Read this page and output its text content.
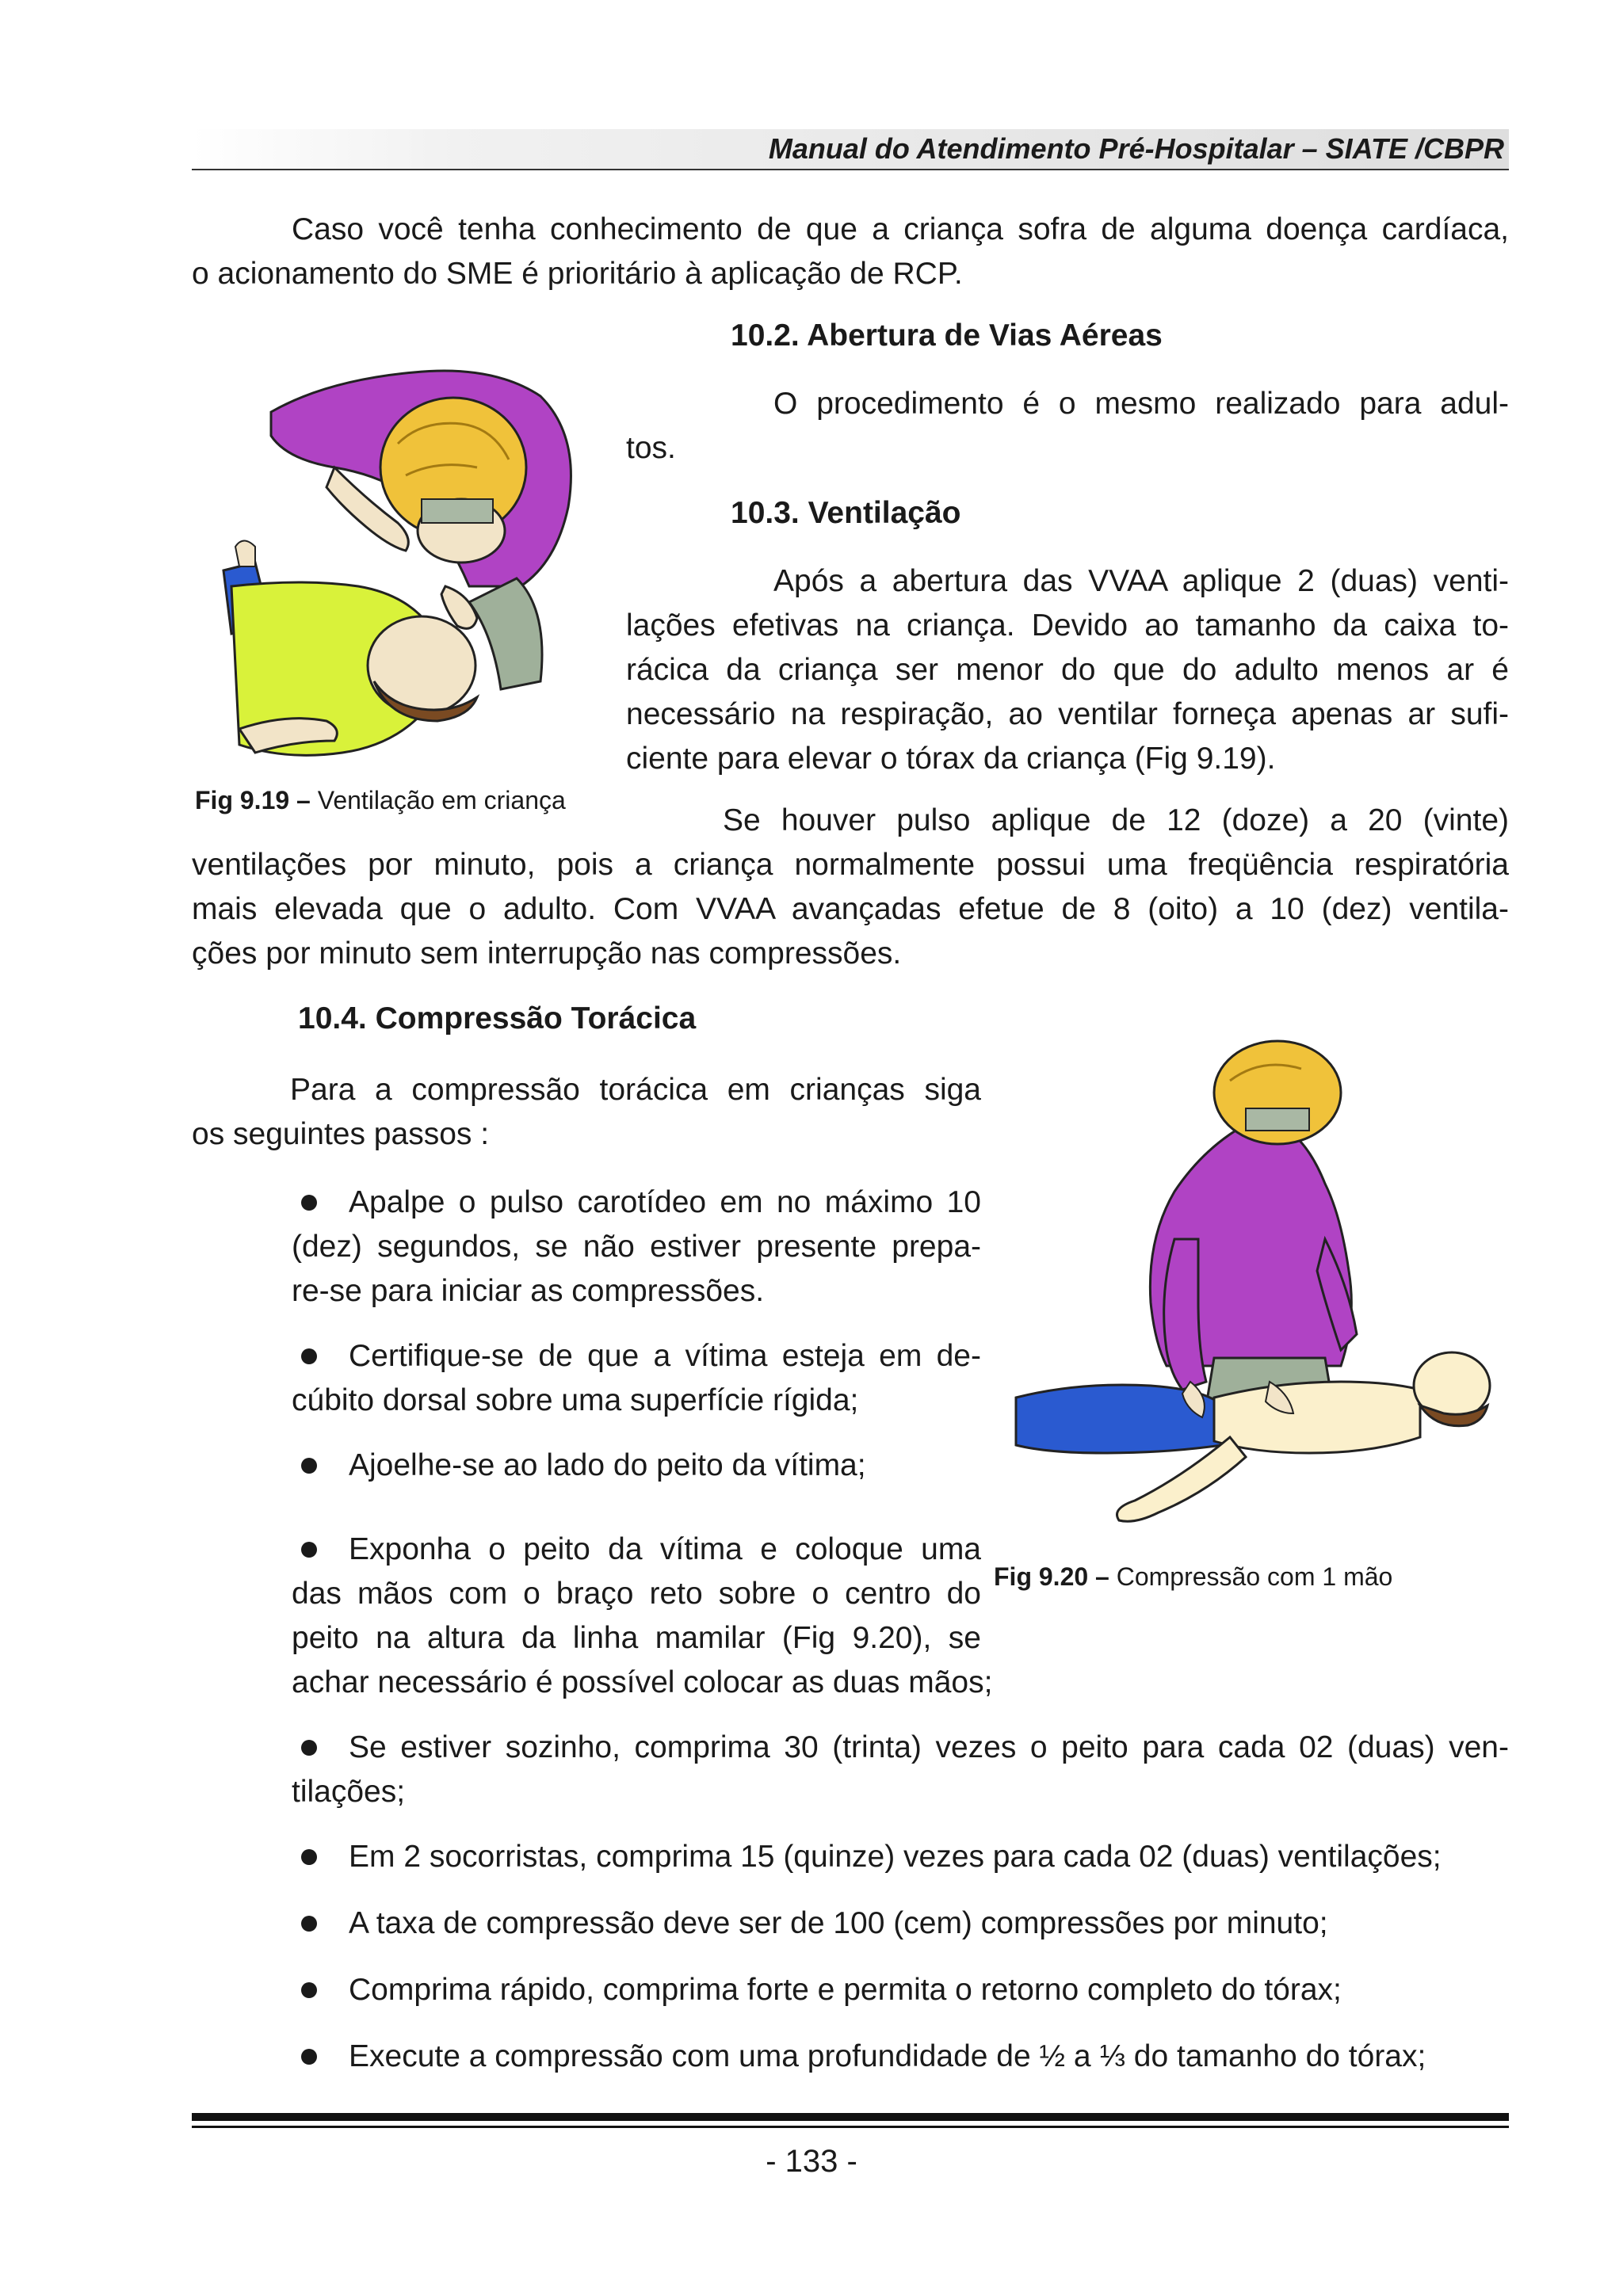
Manual do Atendimento Pré-Hospitalar – SIATE /CBPR
Caso você tenha conhecimento de que a criança sofra de alguma doença cardíaca,
o acionamento do SME é prioritário à aplicação de RCP.
Fig 9.19 – Ventilação em criança
10.2. Abertura de Vias Aéreas
O procedimento é o mesmo realizado para adul-
tos.
10.3. Ventilação
Após a abertura das VVAA aplique 2 (duas) venti-
lações efetivas na criança. Devido ao tamanho da caixa to-
rácica da criança ser menor do que do adulto menos ar é
necessário na respiração, ao ventilar forneça apenas ar sufi-
ciente para elevar o tórax da criança (Fig 9.19).
Se houver pulso aplique de 12 (doze) a 20 (vinte)
ventilações por minuto, pois a criança normalmente possui uma freqüência respiratória
mais elevada que o adulto. Com VVAA avançadas efetue de 8 (oito) a 10 (dez) ventila-
ções por minuto sem interrupção nas compressões.
10.4. Compressão Torácica
Para a compressão torácica em crianças siga
os seguintes passos :
Fig 9.20 – Compressão com 1 mão
Apalpe o pulso carotídeo em no máximo 10
(dez) segundos, se não estiver presente prepa-
re-se para iniciar as compressões.
Certifique-se de que a vítima esteja em de-
cúbito dorsal sobre uma superfície rígida;
Ajoelhe-se ao lado do peito da vítima;
Exponha o peito da vítima e coloque uma
das mãos com o braço reto sobre o centro do
peito na altura da linha mamilar (Fig 9.20), se
achar necessário é possível colocar as duas mãos;
Se estiver sozinho, comprima 30 (trinta) vezes o peito para cada 02 (duas) ven-
tilações;
Em 2 socorristas, comprima 15 (quinze) vezes para cada 02 (duas) ventilações;
A taxa de compressão deve ser de 100 (cem) compressões por minuto;
Comprima rápido, comprima forte e permita o retorno completo do tórax;
Execute a compressão com uma profundidade de ½ a ⅓ do tamanho do tórax;
- 133 -
